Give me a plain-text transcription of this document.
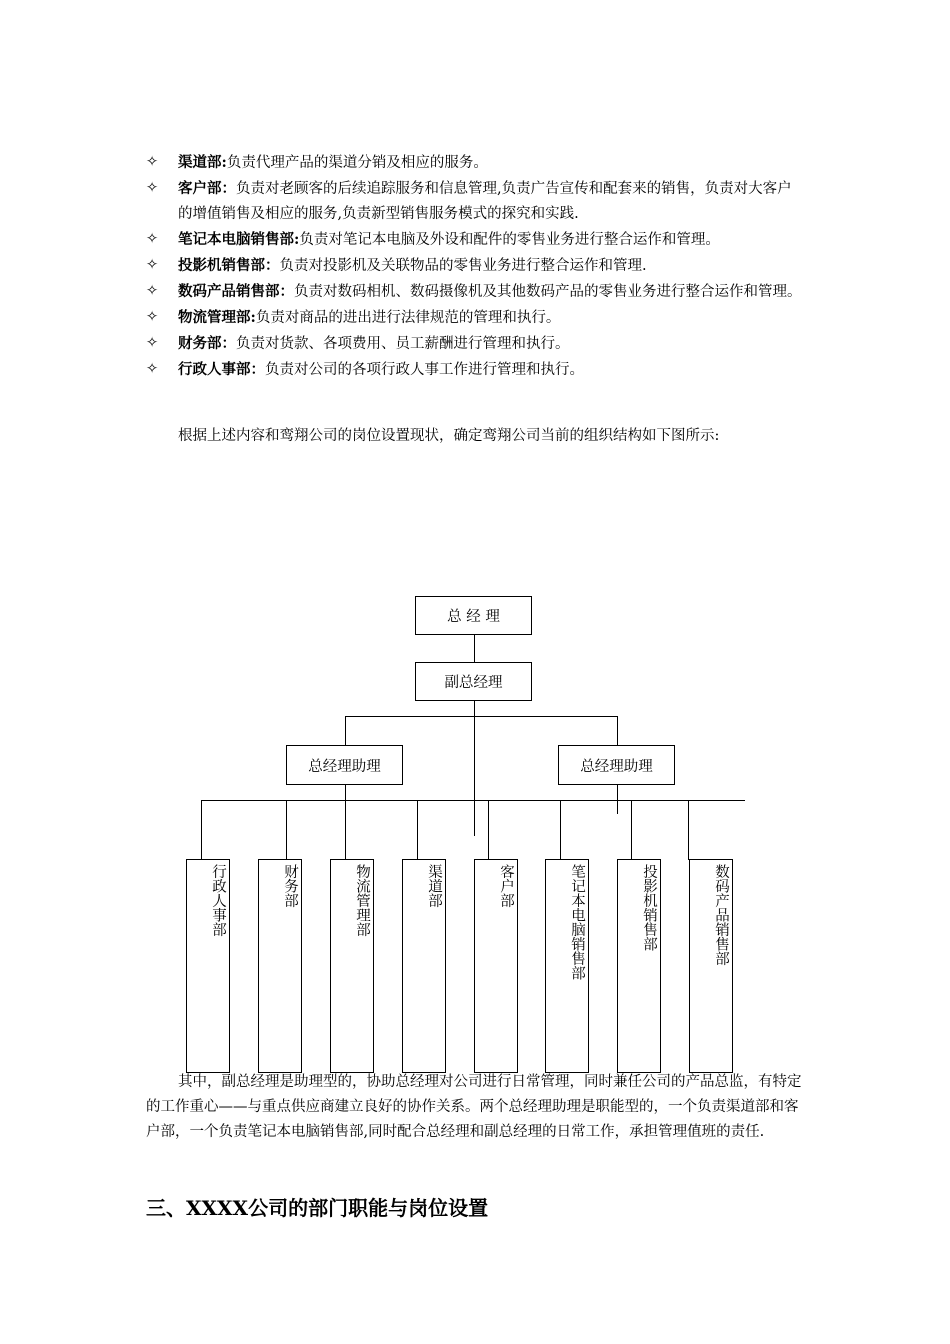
✧	渠道部:负责代理产品的渠道分销及相应的服务。
✧	客户部：负责对老顾客的后续追踪服务和信息管理,负责广告宣传和配套来的销售，负责对大客户的增值销售及相应的服务,负责新型销售服务模式的探究和实践.
✧	笔记本电脑销售部:负责对笔记本电脑及外设和配件的零售业务进行整合运作和管理。
✧	投影机销售部：负责对投影机及关联物品的零售业务进行整合运作和管理.
✧	数码产品销售部：负责对数码相机、数码摄像机及其他数码产品的零售业务进行整合运作和管理。
✧	物流管理部:负责对商品的进出进行法律规范的管理和执行。
✧	财务部：负责对货款、各项费用、员工薪酬进行管理和执行。
✧	行政人事部：负责对公司的各项行政人事工作进行管理和执行。
根据上述内容和鸾翔公司的岗位设置现状，确定鸾翔公司当前的组织结构如下图所示:
总 经 理
副总经理
总经理助理	总经理助理
行政人事部	财务部	物流管理部	渠道部	客户部	笔记本电脑销售部	投影机销售部	数码产品销售部
其中，副总经理是助理型的，协助总经理对公司进行日常管理，同时兼任公司的产品总监，有特定的工作重心——与重点供应商建立良好的协作关系。两个总经理助理是职能型的，一个负责渠道部和客户部，一个负责笔记本电脑销售部,同时配合总经理和副总经理的日常工作，承担管理值班的责任.
三、XXXX公司的部门职能与岗位设置
